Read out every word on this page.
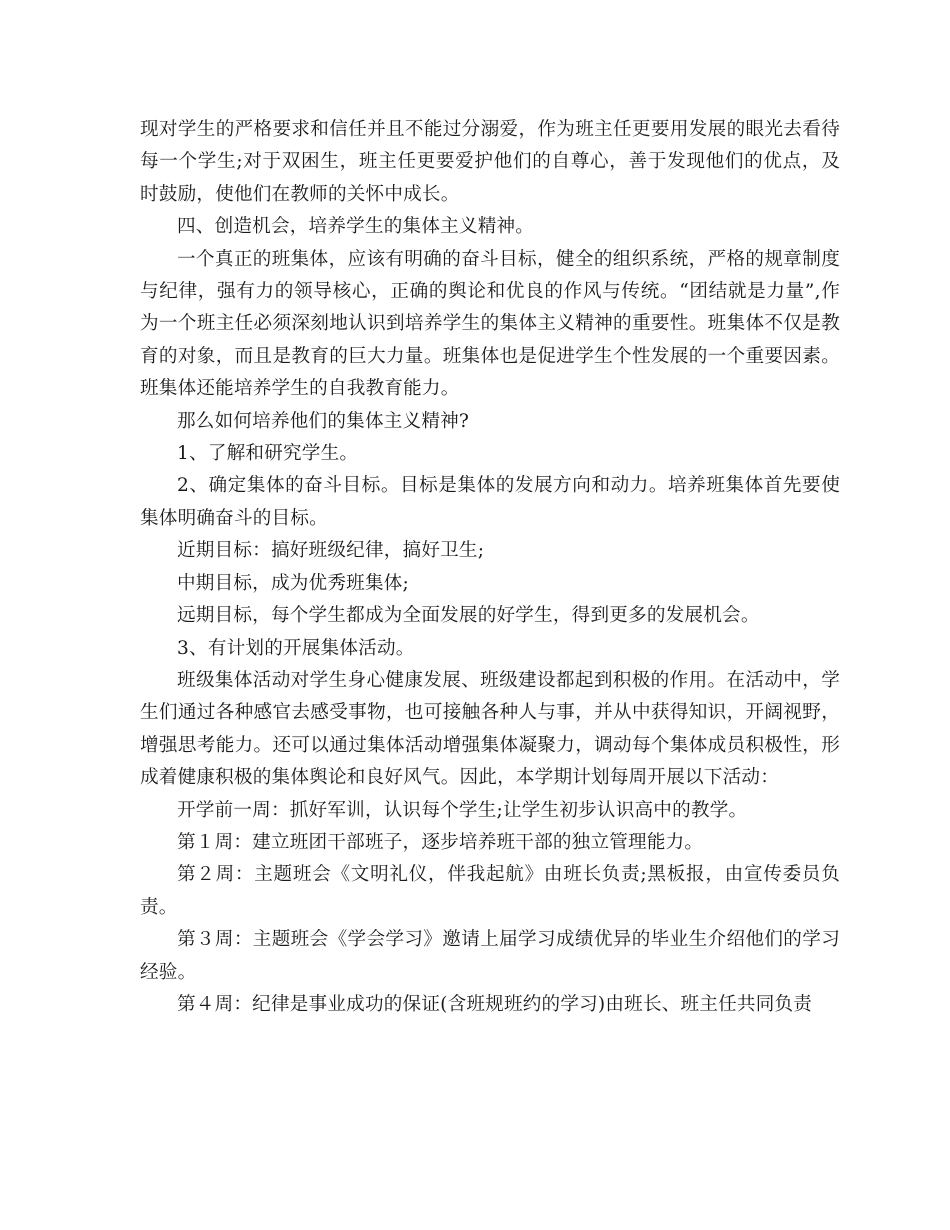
现对学生的严格要求和信任并且不能过分溺爱，作为班主任更要用发展的眼光去看待每一个学生;对于双困生，班主任更要爱护他们的自尊心，善于发现他们的优点，及时鼓励，使他们在教师的关怀中成长。

四、创造机会，培养学生的集体主义精神。

一个真正的班集体，应该有明确的奋斗目标，健全的组织系统，严格的规章制度与纪律，强有力的领导核心，正确的舆论和优良的作风与传统。“团结就是力量”,作为一个班主任必须深刻地认识到培养学生的集体主义精神的重要性。班集体不仅是教育的对象，而且是教育的巨大力量。班集体也是促进学生个性发展的一个重要因素。班集体还能培养学生的自我教育能力。

那么如何培养他们的集体主义精神?

1、了解和研究学生。

2、确定集体的奋斗目标。目标是集体的发展方向和动力。培养班集体首先要使集体明确奋斗的目标。

近期目标：搞好班级纪律，搞好卫生;

中期目标，成为优秀班集体;

远期目标，每个学生都成为全面发展的好学生，得到更多的发展机会。

3、有计划的开展集体活动。

班级集体活动对学生身心健康发展、班级建设都起到积极的作用。在活动中，学生们通过各种感官去感受事物，也可接触各种人与事，并从中获得知识，开阔视野，增强思考能力。还可以通过集体活动增强集体凝聚力，调动每个集体成员积极性，形成着健康积极的集体舆论和良好风气。因此，本学期计划每周开展以下活动：

开学前一周：抓好军训，认识每个学生;让学生初步认识高中的教学。

第１周：建立班团干部班子，逐步培养班干部的独立管理能力。

第２周：主题班会《文明礼仪，伴我起航》由班长负责;黑板报，由宣传委员负责。

第３周：主题班会《学会学习》邀请上届学习成绩优异的毕业生介绍他们的学习经验。

第４周：纪律是事业成功的保证(含班规班约的学习)由班长、班主任共同负责
